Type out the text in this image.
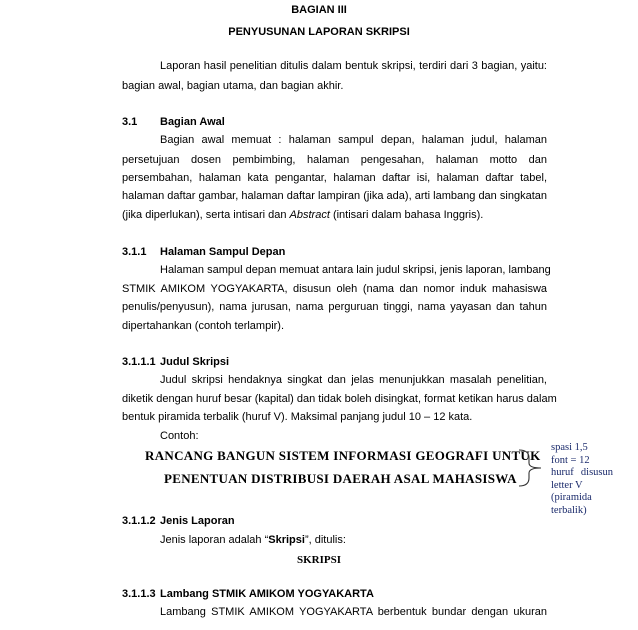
BAGIAN III
PENYUSUNAN LAPORAN SKRIPSI
Laporan hasil penelitian ditulis dalam bentuk skripsi, terdiri dari 3 bagian, yaitu:
bagian awal, bagian utama, dan bagian akhir.
3.1 Bagian Awal
Bagian awal memuat : halaman sampul depan, halaman judul, halaman
persetujuan dosen pembimbing, halaman pengesahan, halaman motto dan
persembahan, halaman kata pengantar, halaman daftar isi, halaman daftar tabel,
halaman daftar gambar, halaman daftar lampiran (jika ada), arti lambang dan singkatan
(jika diperlukan), serta intisari dan Abstract (intisari dalam bahasa Inggris).
3.1.1 Halaman Sampul Depan
Halaman sampul depan memuat antara lain judul skripsi, jenis laporan, lambang
STMIK AMIKOM YOGYAKARTA, disusun oleh (nama dan nomor induk mahasiswa
penulis/penyusun), nama jurusan, nama perguruan tinggi, nama yayasan dan tahun
dipertahankan (contoh terlampir).
3.1.1.1 Judul Skripsi
Judul skripsi hendaknya singkat dan jelas menunjukkan masalah penelitian,
diketik dengan huruf besar (kapital) dan tidak boleh disingkat, format ketikan harus dalam
bentuk piramida terbalik (huruf V). Maksimal panjang judul 10 – 12 kata.
Contoh:
RANCANG BANGUN SISTEM INFORMASI GEOGRAFI UNTUK
PENENTUAN DISTRIBUSI DAERAH ASAL MAHASISWA
spasi 1,5
font = 12
huruf disusun
letter V
(piramida
terbalik)
3.1.1.2 Jenis Laporan
Jenis laporan adalah “Skripsi”, ditulis:
SKRIPSI
3.1.1.3 Lambang STMIK AMIKOM YOGYAKARTA
Lambang STMIK AMIKOM YOGYAKARTA berbentuk bundar dengan ukuran
